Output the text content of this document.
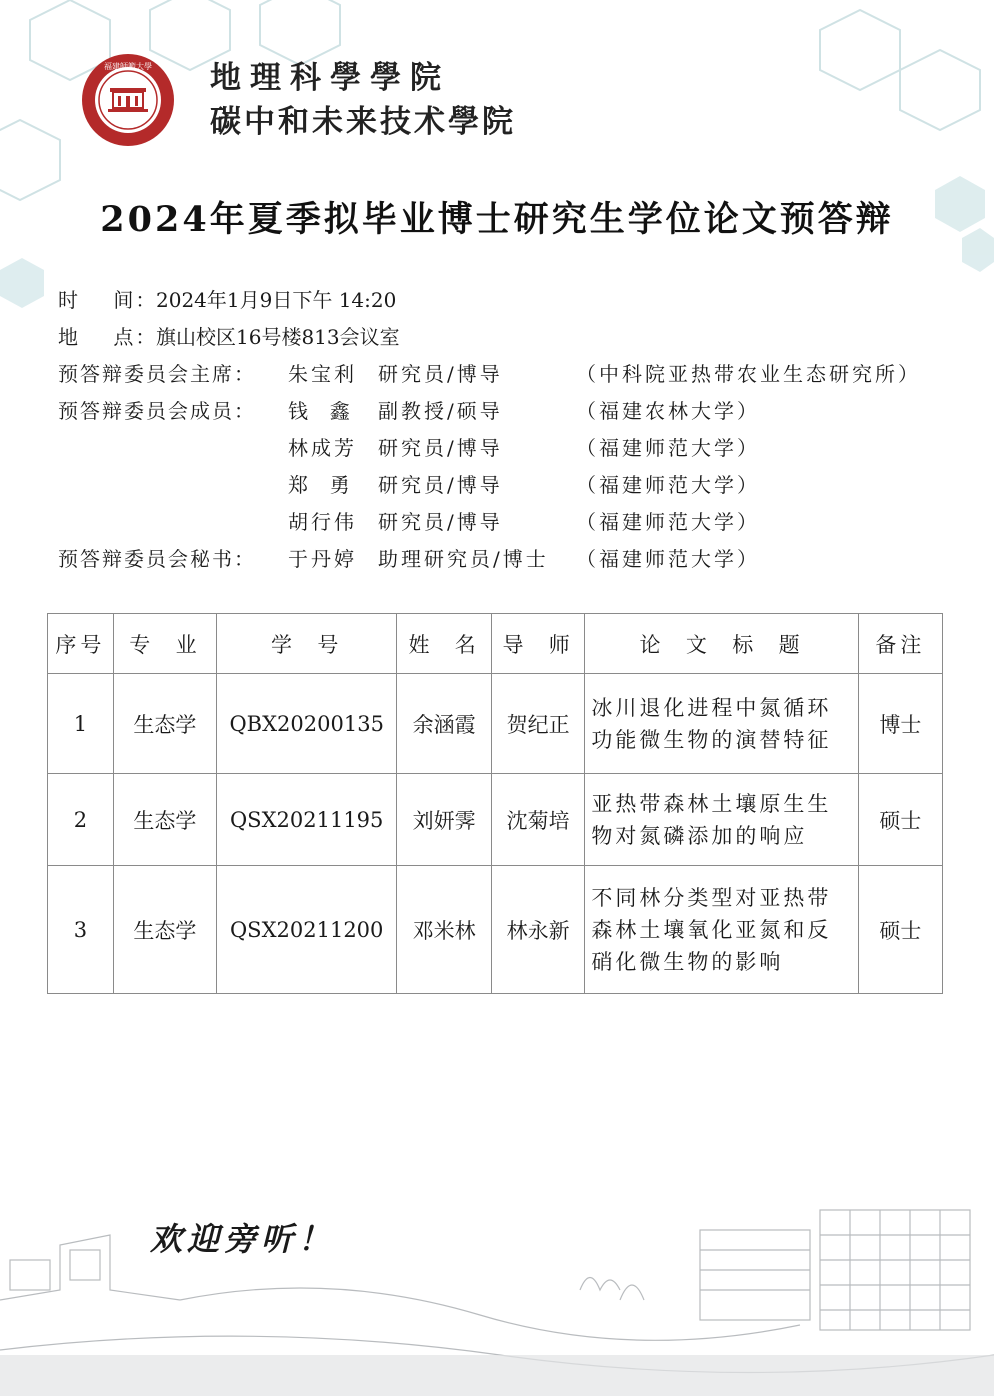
福建師範大學 地理科學學院
碳中和未来技术學院
2024年夏季拟毕业博士研究生学位论文预答辩
时    间：
2024年1月9日下午 14:20
地    点：
旗山校区16号楼813会议室
预答辩委员会主席： 朱宝利 研究员/博导	（中科院亚热带农业生态研究所）
预答辩委员会成员： 钱  鑫 副教授/硕导	（福建农林大学）
林成芳 研究员/博导	（福建师范大学）
郑  勇 研究员/博导	（福建师范大学）
胡行伟 研究员/博导	（福建师范大学）
预答辩委员会秘书： 于丹婷 助理研究员/博士 （福建师范大学）
序号	专  业	学  号	姓  名	导  师	论  文  标  题	备注
1	生态学	QBX20200135	余涵霞	贺纪正	冰川退化进程中氮循环功能微生物的演替特征	博士
2	生态学	QSX20211195	刘妍霁	沈菊培	亚热带森林土壤原生生物对氮磷添加的响应	硕士
3	生态学	QSX20211200	邓米林	林永新	不同林分类型对亚热带森林土壤氧化亚氮和反硝化微生物的影响	硕士
欢迎旁听！
